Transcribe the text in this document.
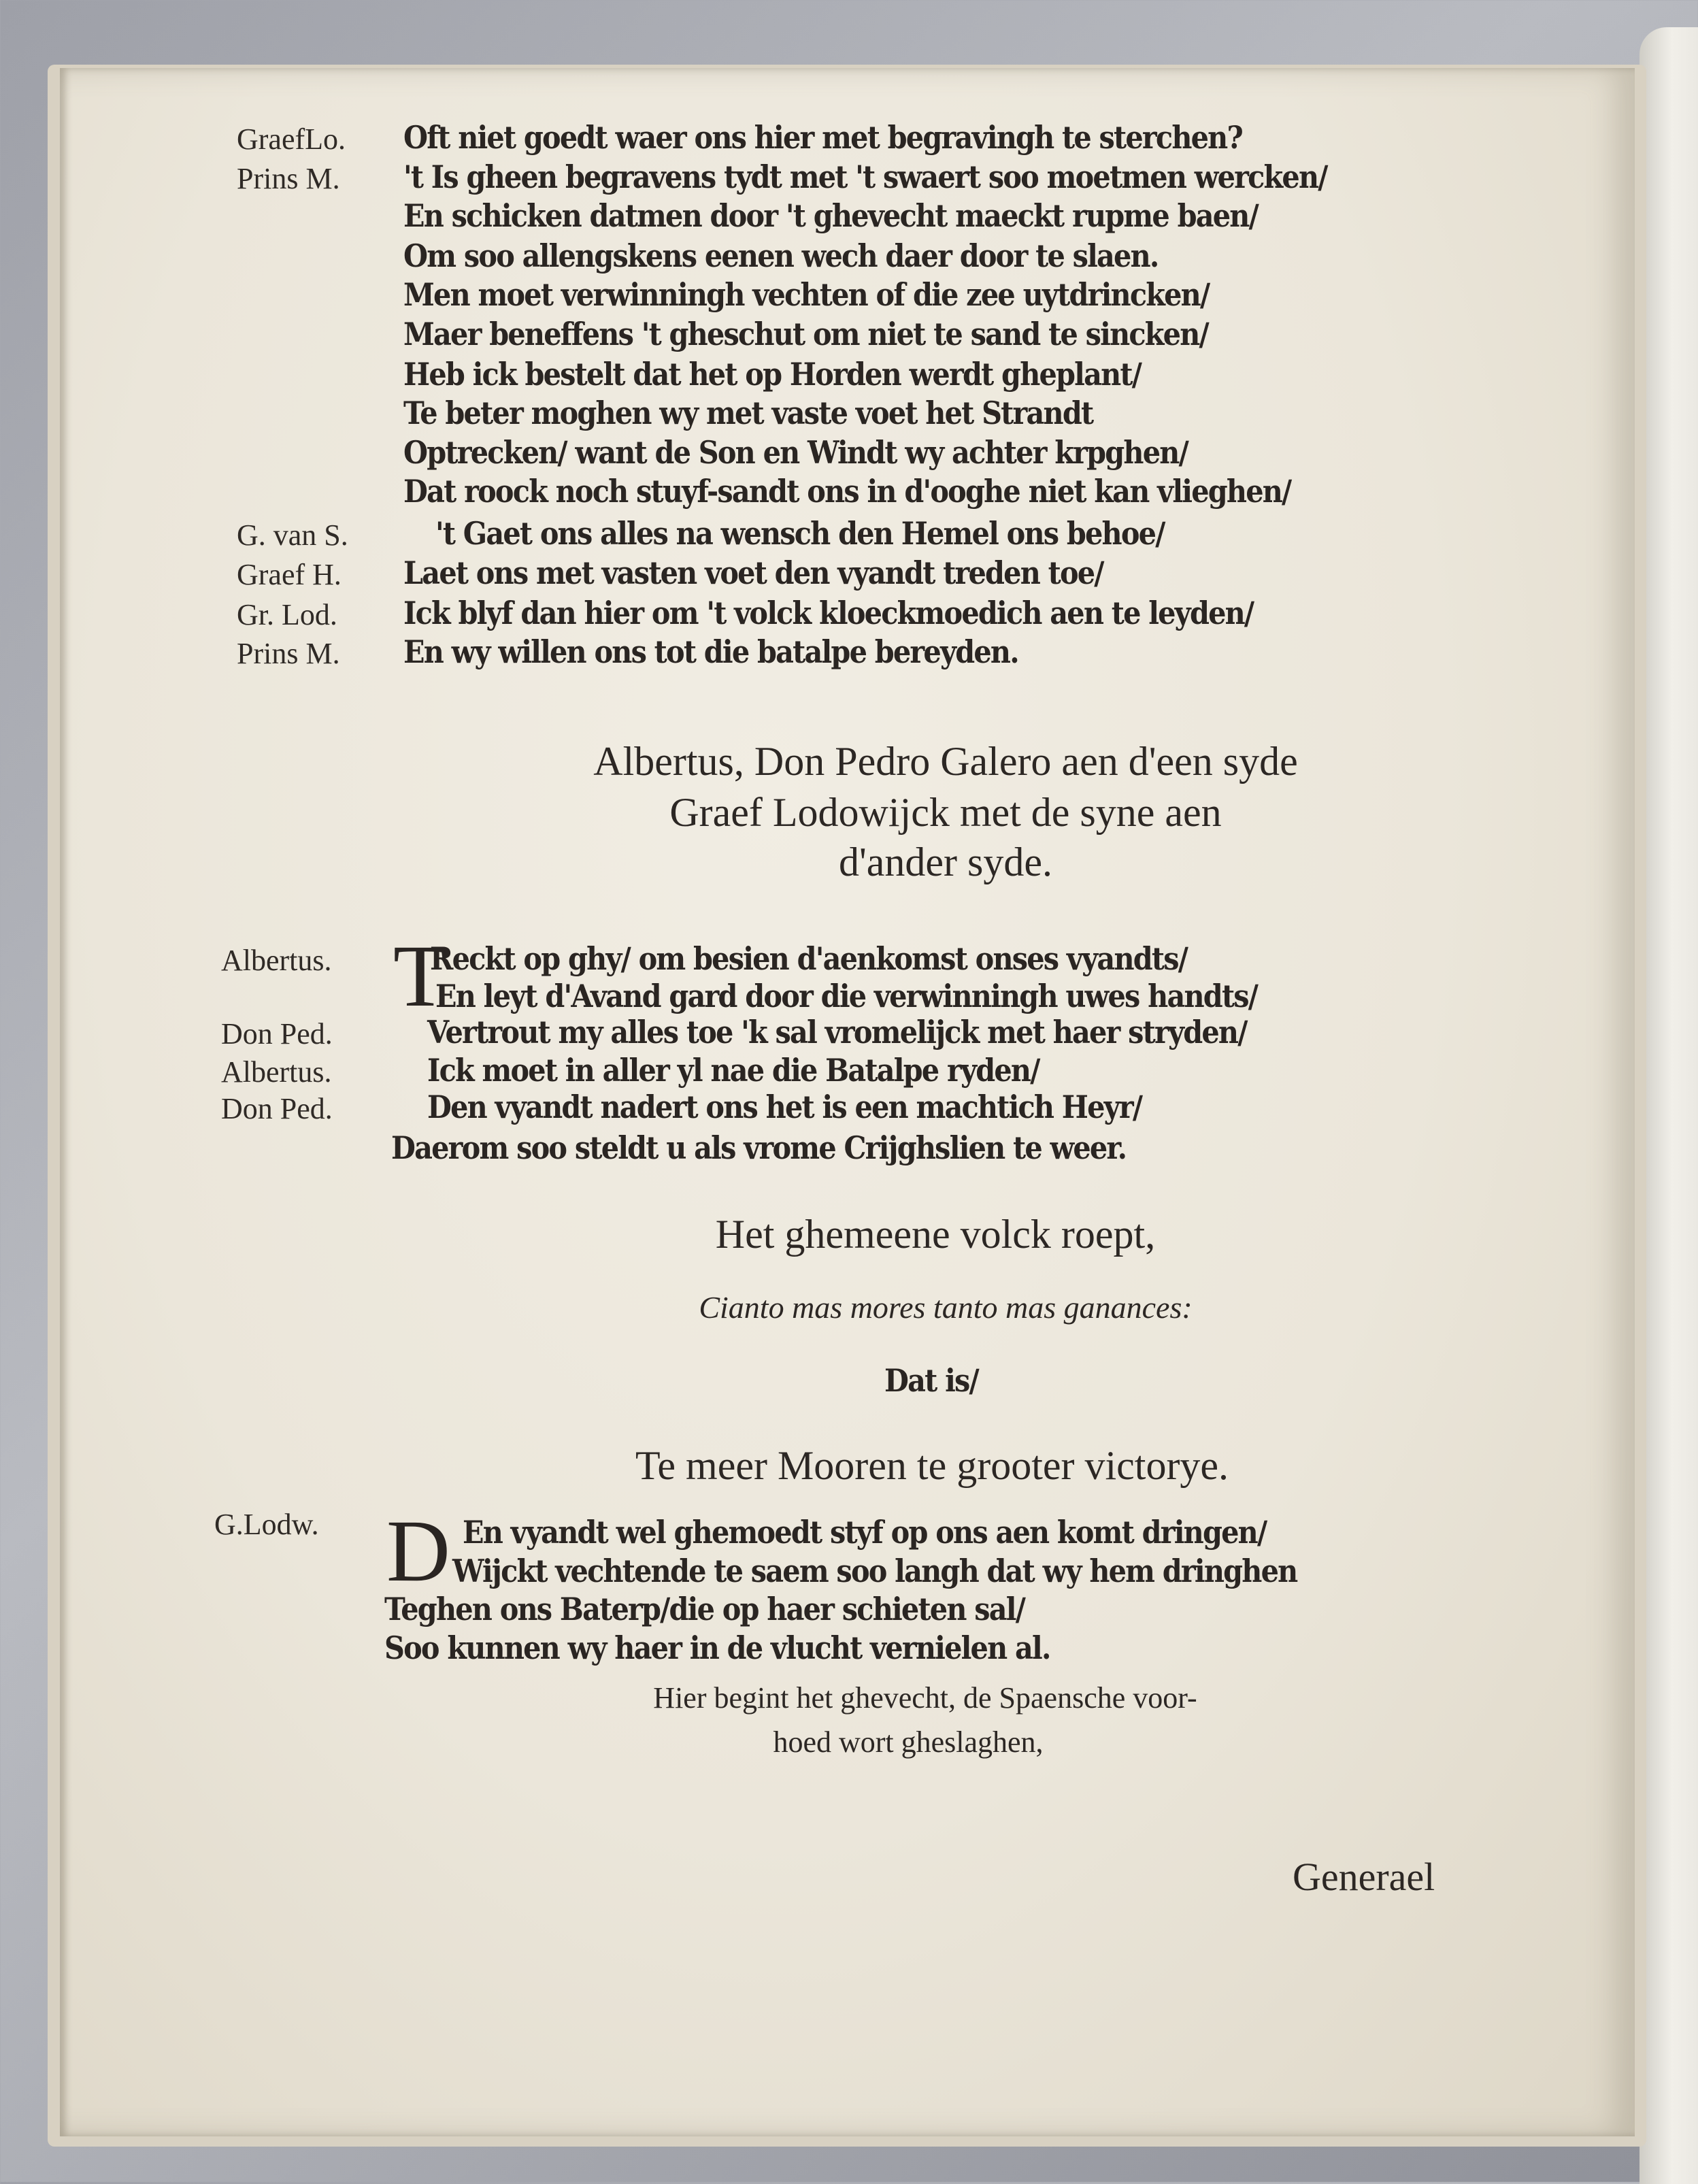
GraefLo. Oft niet goedt waer ons hier met begravingh te sterchen?
Prins M. 't Is gheen begravens tydt met 't swaert soo moetmen wercken/
En schicken datmen door 't ghevecht maeckt rupme baen/
Om soo allengskens eenen wech daer door te slaen.
Men moet verwinningh vechten of die zee uytdrincken/
Maer beneffens 't gheschut om niet te sand te sincken/
Heb ick bestelt dat het op Horden werdt gheplant/
Te beter moghen wy met vaste voet het Strandt
Optrecken/ want de Son en Windt wy achter krpghen/
Dat roock noch stuyf-sandt ons in d'ooghe niet kan vlieghen/
G. van S.	't Gaet ons alles na wensch den Hemel ons behoe/
Graef H. Laet ons met vasten voet den vyandt treden toe/
Gr. Lod. Ick blyf dan hier om 't volck kloeckmoedich aen te leyden/
Prins M. En wy willen ons tot die batalpe bereyden.
Albertus, Don Pedro Galero aen d'een syde
Graef Lodowijck met de syne aen
d'ander syde.
T
Albertus.	Reckt op ghy/ om besien d'aenkomst onses vyandts/
En leyt d'Avand gard door die verwinningh uwes handts/
Don Ped.	Vertrout my alles toe 'k sal vromelijck met haer stryden/
Albertus.	Ick moet in aller yl nae die Batalpe ryden/
Don Ped.	Den vyandt nadert ons het is een machtich Heyr/
Daerom soo steldt u als vrome Crijghslien te weer.
Het ghemeene volck roept,
Cianto mas mores tanto mas ganances:
Dat is/
Te meer Mooren te grooter victorye.
G.Lodw. D En vyandt wel ghemoedt styf op ons aen komt dringen/
Wijckt vechtende te saem soo langh dat wy hem dringhen
Teghen ons Baterp/die op haer schieten sal/
Soo kunnen wy haer in de vlucht vernielen al.
Hier begint het ghevecht, de Spaensche voor-
hoed wort gheslaghen,
Generael
